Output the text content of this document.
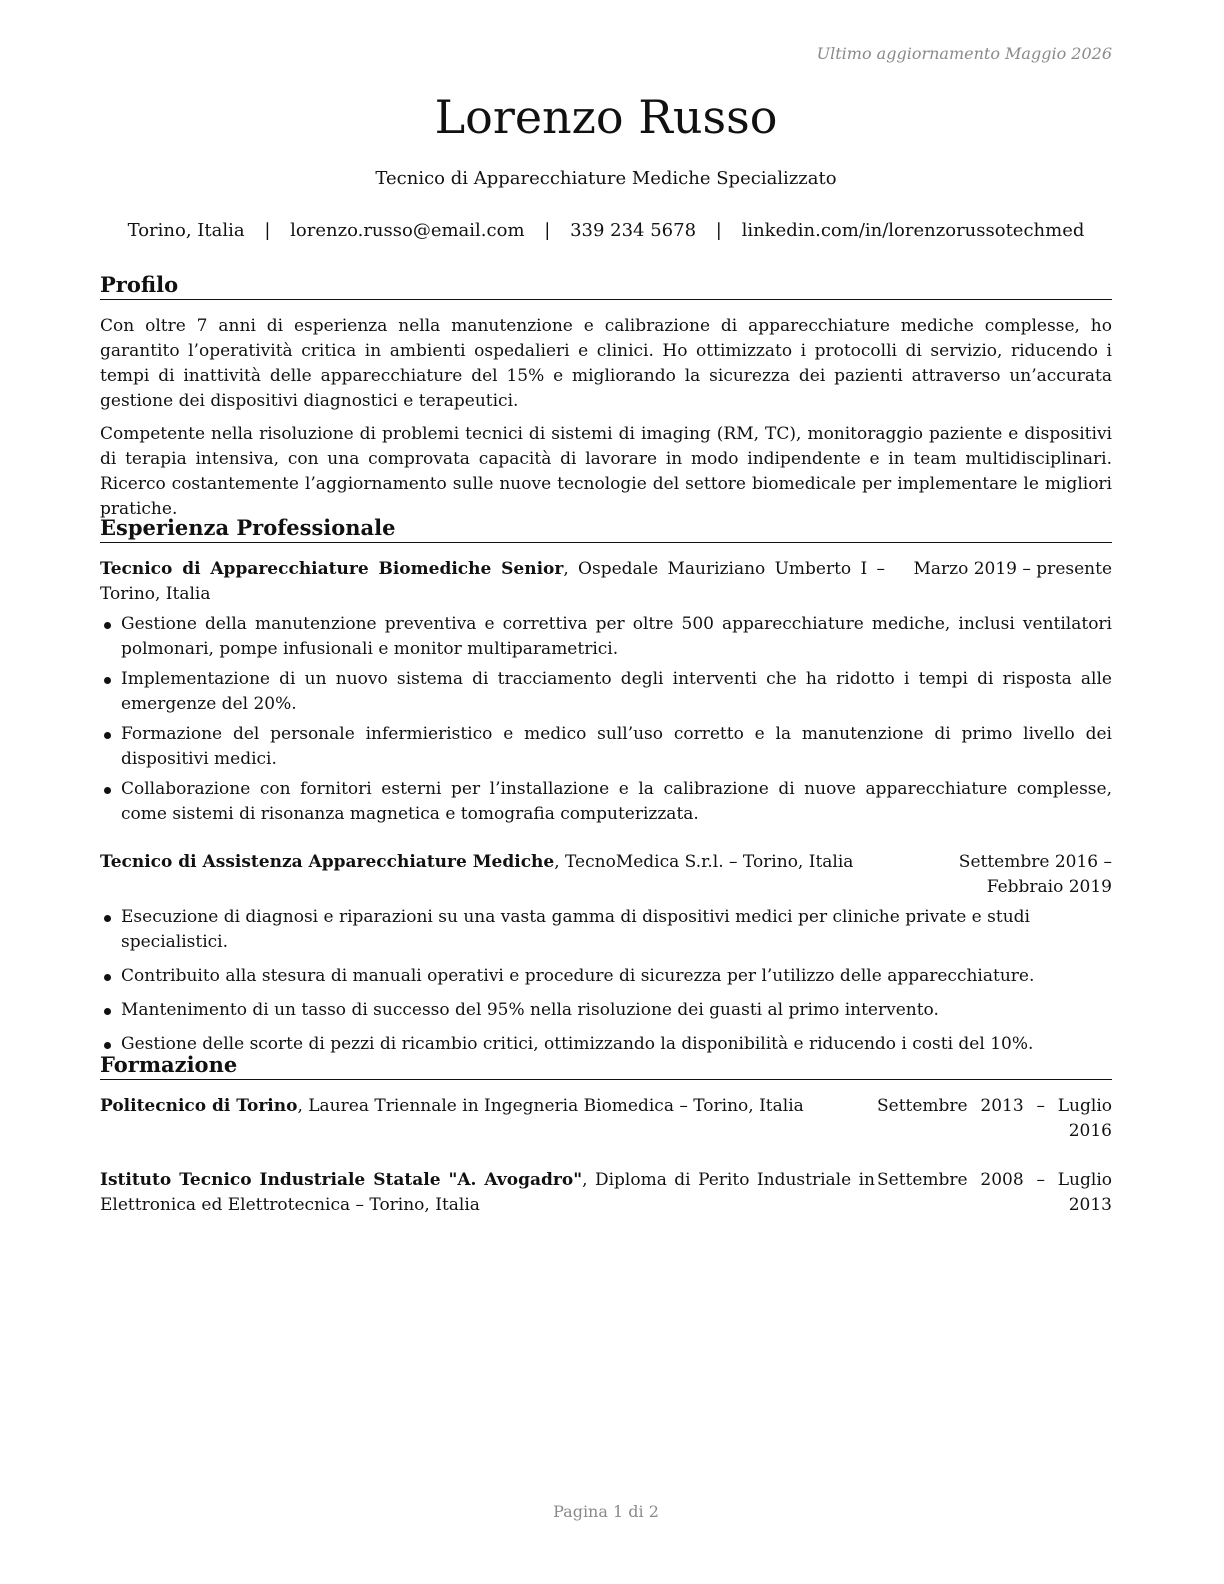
Ultimo aggiornamento Maggio 2026
Lorenzo Russo
Tecnico di Apparecchiature Mediche Specializzato
Torino, Italia | lorenzo.russo@email.com | 339 234 5678 | linkedin.com/in/lorenzorussotechmed
Profilo

Con oltre 7 anni di esperienza nella manutenzione e calibrazione di apparecchiature mediche complesse, ho garantito l’operatività critica in ambienti ospedalieri e clinici. Ho ottimizzato i protocolli di servizio, riducendo i tempi di inattività delle apparecchiature del 15% e migliorando la sicurezza dei pazienti attraverso un’accurata gestione dei dispositivi diagnostici e terapeutici.

Competente nella risoluzione di problemi tecnici di sistemi di imaging (RM, TC), monitoraggio paziente e dispositivi di terapia intensiva, con una comprovata capacità di lavorare in modo indipendente e in team multidisciplinari. Ricerco costantemente l’aggiornamento sulle nuove tecnologie del settore biomedicale per implementare le migliori pratiche.

Esperienza Professionale
Tecnico di Apparecchiature Biomediche Senior, Ospedale Mauriziano Umberto I – Torino, Italia
Marzo 2019 – presente
Gestione della manutenzione preventiva e correttiva per oltre 500 apparecchiature mediche, inclusi ventilatori polmonari, pompe infusionali e monitor multiparametrici.
Implementazione di un nuovo sistema di tracciamento degli interventi che ha ridotto i tempi di risposta alle emergenze del 20%.
Formazione del personale infermieristico e medico sull’uso corretto e la manutenzione di primo livello dei dispositivi medici.
Collaborazione con fornitori esterni per l’installazione e la calibrazione di nuove apparecchiature complesse, come sistemi di risonanza magnetica e tomografia computerizzata.
Tecnico di Assistenza Apparecchiature Mediche, TecnoMedica S.r.l. – Torino, Italia	Settembre 2016 – Febbraio 2019
Esecuzione di diagnosi e riparazioni su una vasta gamma di dispositivi medici per cliniche private e studi specialistici.
Contribuito alla stesura di manuali operativi e procedure di sicurezza per l’utilizzo delle apparecchiature.
Mantenimento di un tasso di successo del 95% nella risoluzione dei guasti al primo intervento.
Gestione delle scorte di pezzi di ricambio critici, ottimizzando la disponibilità e riducendo i costi del 10%.
Formazione
Politecnico di Torino, Laurea Triennale in Ingegneria Biomedica – Torino, Italia	Settembre 2013 – Luglio 2016
Istituto Tecnico Industriale Statale "A. Avogadro", Diploma di Perito Industriale in Elettronica ed Elettrotecnica – Torino, Italia
Settembre 2008 – Luglio 2013
Pagina 1 di 2
